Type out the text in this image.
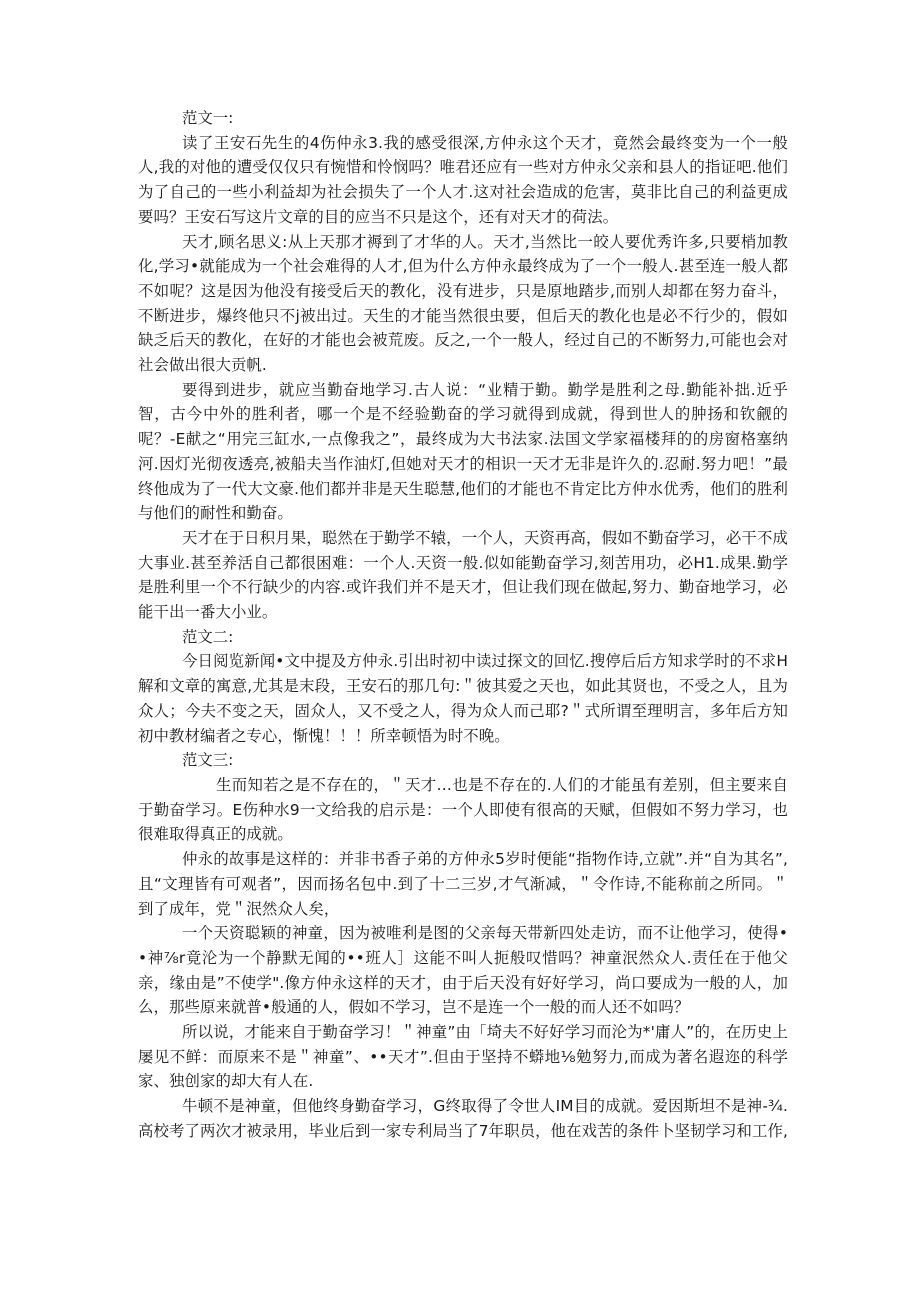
范文一:

读了王安石先生的4伤仲永3.我的感受很深,方仲永这个天才，竟然会最终变为一个一般人,我的对他的遭受仅仅只有惋惜和怜悯吗？唯君还应有一些对方仲永父亲和县人的指证吧.他们为了自己的一些小利益却为社会损失了一个人才.这对社会造成的危害，莫非比自己的利益更成要吗？王安石写这片文章的目的应当不只是这个，还有对天才的荷法。

天才,顾名思义:从上天那才褥到了才华的人。天才,当然比一皎人要优秀许多,只要梢加教化,学习•就能成为一个社会难得的人才,但为什么方仲永最终成为了一个一般人.甚至连一般人都不如呢？这是因为他没有接受后天的教化，没有进步，只是原地踏步,而别人却都在努力奋斗，不断进步，爆终他只不j被出过。天生的才能当然很虫要，但后天的教化也是必不行少的，假如缺乏后天的教化，在好的才能也会被荒废。反之,一个一般人，经过自己的不断努力,可能也会对社会做出很大贡帆.

要得到进步，就应当勤奋地学习.古人说：“业精于勤。勤学是胜利之母.勤能补拙.近乎智，古今中外的胜利者，哪一个是不经验勤奋的学习就得到成就，得到世人的肿扬和钦觎的呢？-E献之“用完三缸水,一点像我之”，最终成为大书法家.法国文学家福楼拜的的房窗格塞纳河.因灯光彻夜透亮,被船夫当作油灯,但她对天才的相识一天才无非是许久的.忍耐.努力吧！”最终他成为了一代大文豪.他们都并非是天生聪慧,他们的才能也不肯定比方仲水优秀，他们的胜利与他们的耐性和勤奋。

天才在于日积月果，聪然在于勤学不辕，一个人，天资再高，假如不勤奋学习，必干不成大事业.甚至养活自己都很困难：一个人.天资一般.似如能勤奋学习,刻苦用功，必H1.成果.勤学是胜利里一个不行缺少的内容.或许我们并不是天才，但让我们现在做起,努力、勤奋地学习，必能干出一番大小业。

范文二:

今日阅览新闻•文中提及方仲永.引出时初中读过探文的回忆.搜停后后方知求学时的不求H解和文章的寓意,尤其是末段，王安石的那几句:＂彼其爱之天也，如此其贤也，不受之人，且为众人；今夫不变之天，固众人，又不受之人，得为众人而己耶?＂式所谓至理明言，多年后方知初中教材编者之专心，惭愧！！！所幸顿悟为时不晚。

范文三:

生而知若之是不存在的，＂天才…也是不存在的.人们的才能虽有差别，但主要来自于勤奋学习。E伤种水9一文给我的启示是：一个人即使有很高的天赋，但假如不努力学习，也很难取得真正的成就。

仲永的故事是这样的：并非书香子弟的方仲永5岁时便能“指物作诗,立就”.并“自为其名”,且“文理皆有可观者”，因而扬名包中.到了十二三岁,才气渐减，＂令作诗,不能称前之所同。＂到了成年，党＂泯然众人矣，

一个天资聪颖的神童，因为被唯利是图的父亲每天带新四处走访，而不让他学习，使得••神⅞r竟沦为一个静默无闻的••班人］这能不叫人扼般叹惜吗？神童泯然众人.责任在于他父亲，缘由是”不使学".像方仲永这样的天才，由于后天没有好好学习，尚口要成为一般的人，加么，那些原来就普•般通的人，假如不学习，岂不是连一个一般的而人还不如吗？

所以说，才能来自于勤奋学习！＂神童”由「埼夫不好好学习而沦为*'庸人”的，在历史上屡见不鲜：而原来不是＂神童”、••天才”.但由于坚持不蟒地⅛勉努力,而成为著名遐迩的科学家、独创家的却大有人在.

牛顿不是神童，但他终身勤奋学习，G终取得了令世人IM目的成就。爱因斯坦不是神-¾.高校考了两次才被录用，毕业后到一家专利局当了7年职员，他在戏苦的条件卜坚韧学习和工作,
